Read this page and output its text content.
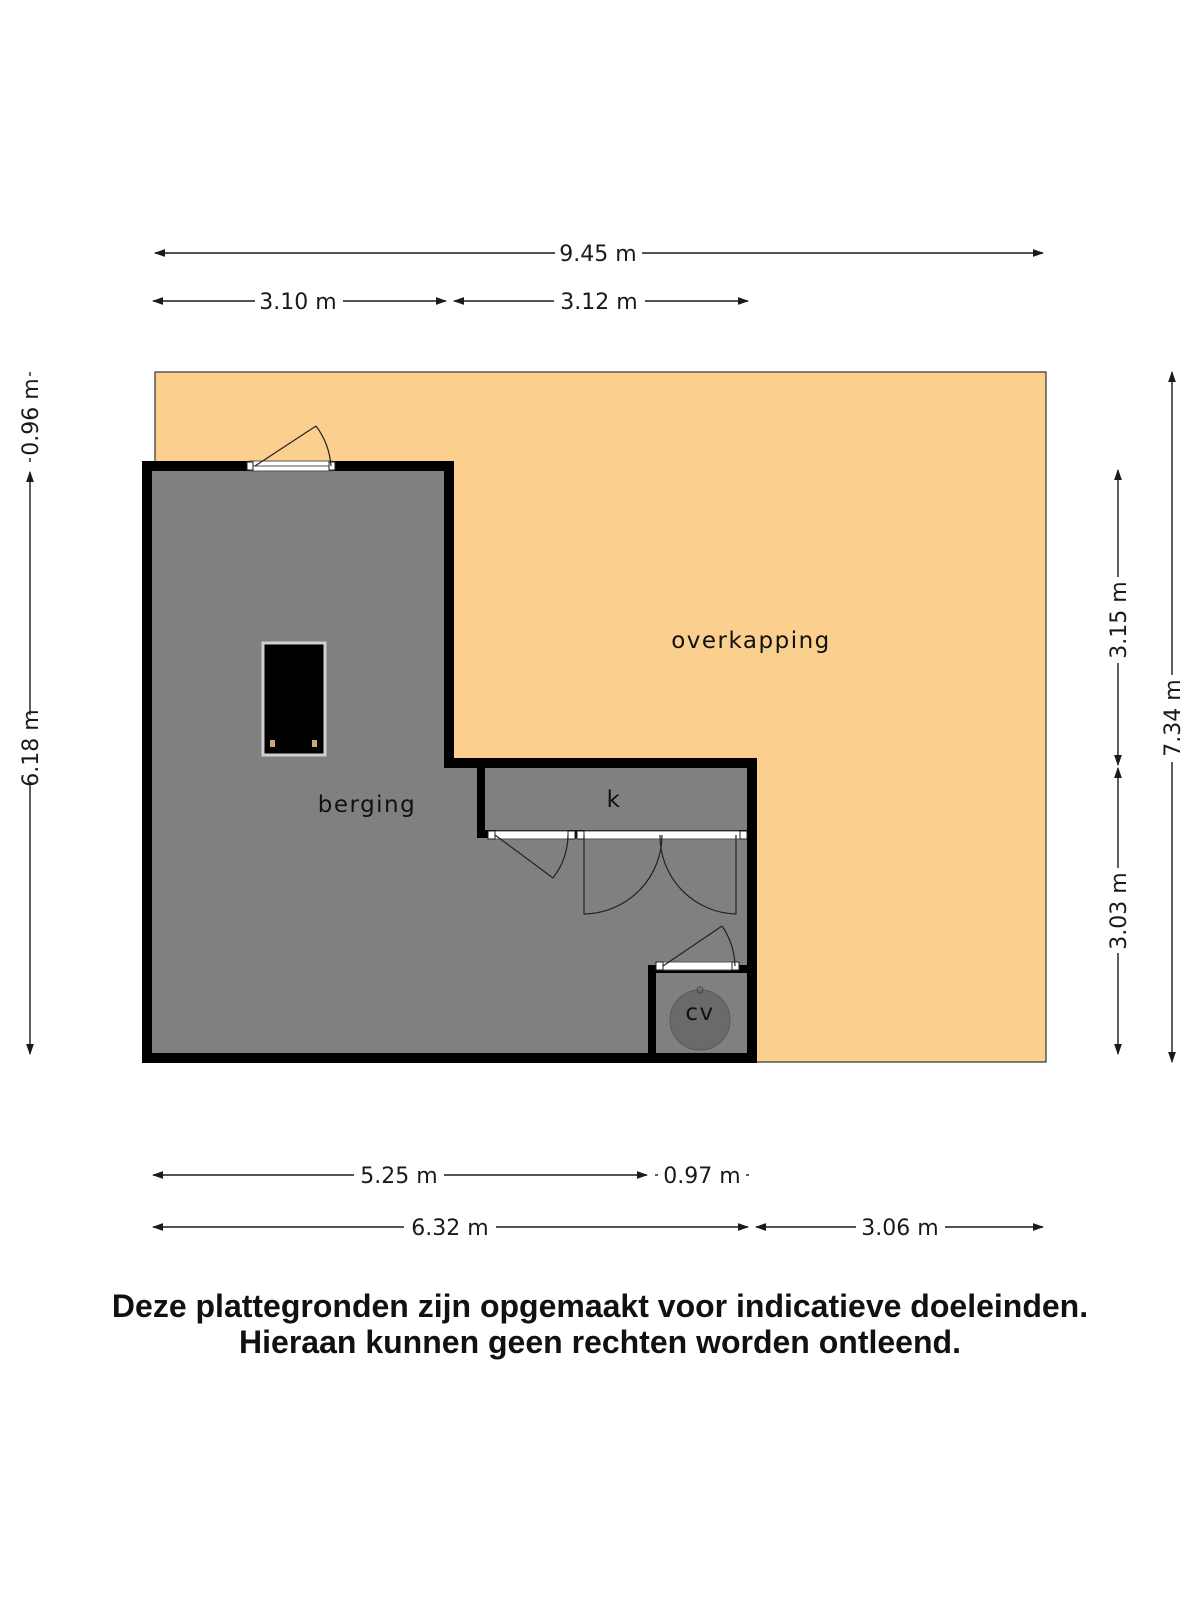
overkapping
berging	k
cv
9.45 m
3.10 m	3.12 m
0.96 m
6.18 m
3.15 m
3.03 m
7.34 m
5.25 m	0.97 m
6.32 m	3.06 m
Deze plattegronden zijn opgemaakt voor indicatieve doeleinden.
Hieraan kunnen geen rechten worden ontleend.
